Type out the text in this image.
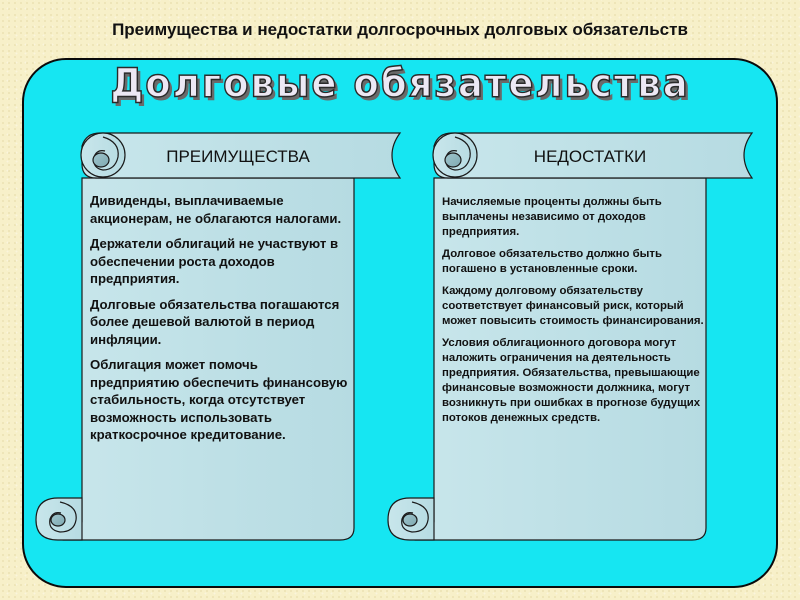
Преимущества и недостатки долгосрочных долговых обязательств
Долговые обязательства
ПРЕИМУЩЕСТВА	НЕДОСТАТКИ

Дивиденды, выплачиваемые акционерам, не облагаются налогами.

Держатели облигаций не участвуют в обеспечении роста доходов предприятия.

Долговые обязательства погашаются более дешевой валютой в период инфляции.

Облигация может помочь предприятию обеспечить финансовую стабильность, когда отсутствует возможность использовать краткосрочное кредитование.

Начисляемые проценты должны быть выплачены независимо от доходов предприятия.

Долговое обязательство должно быть погашено в установленные сроки.

Каждому долговому обязательству соответствует финансовый риск, который может повысить стоимость финансирования.

Условия облигационного договора могут наложить ограничения на деятельность предприятия. Обязательства, превышающие финансовые возможности должника, могут возникнуть при ошибках в прогнозе будущих потоков денежных средств.
